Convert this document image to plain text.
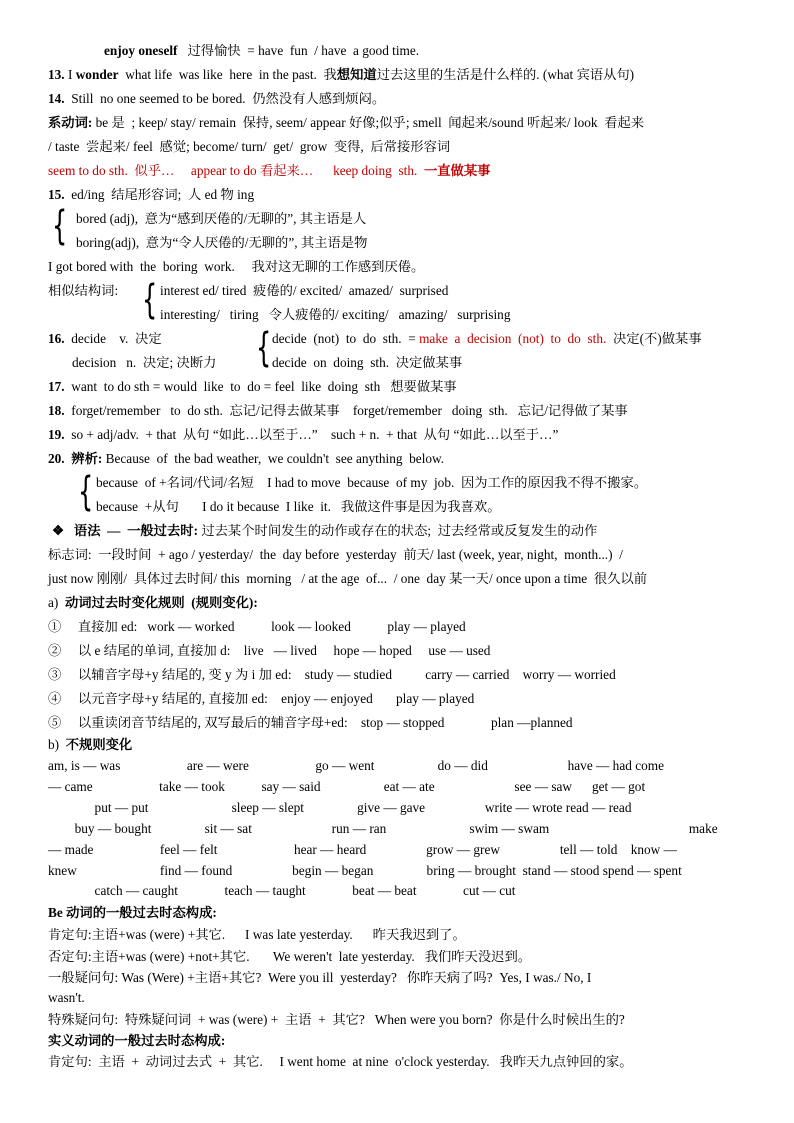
enjoy oneself   过得愉快  = have  fun  / have  a good time.
13. I wonder  what life  was like  here  in the past.  我想知道过去这里的生活是什么样的. (what 宾语从句)
14.  Still  no one seemed to be bored.  仍然没有人感到烦闷。
系动词: be 是  ; keep/ stay/ remain  保持, seem/ appear 好像;似乎; smell  闻起来/sound 听起来/ look  看起来
/ taste  尝起来/ feel  感觉; become/ turn/  get/  grow  变得,  后常接形容词
seem to do sth.  似乎…     appear to do 看起来…      keep doing  sth.  一直做某事
15.  ed/ing  结尾形容词;  人 ed 物 ing
{ bored (adj),  意为“感到厌倦的/无聊的”, 其主语是人
boring(adj),  意为“令人厌倦的/无聊的”, 其主语是物
I got bored with  the  boring  work.     我对这无聊的工作感到厌倦。
相似结构词: { interest ed/ tired  疲倦的/ excited/  amazed/  surprised
interesting/   tiring   令人疲倦的/ exciting/   amazing/   surprising
16.  decide    v.  决定 { decide  (not)  to  do  sth.  = make  a  decision  (not)  to  do  sth.  决定(不)做某事
decision   n.  决定; 决断力	decide  on  doing  sth.  决定做某事
17.  want  to do sth = would  like  to  do = feel  like  doing  sth   想要做某事
18.  forget/remember   to  do sth.  忘记/记得去做某事    forget/remember   doing  sth.   忘记/记得做了某事
19.  so + adj/adv.  + that  从句 “如此…以至于…”    such + n.  + that  从句 “如此…以至于…”
20. 辨析: Because  of  the bad weather,  we couldn't  see anything  below.
{ because  of +名词/代词/名短    I had to move  because  of my  job.  因为工作的原因我不得不搬家。
because  +从句       I do it because  I like  it.   我做这件事是因为我喜欢。
❖ 语法  —  一般过去时: 过去某个时间发生的动作或存在的状态;  过去经常或反复发生的动作
标志词:  一段时间  + ago / yesterday/  the  day before  yesterday  前天/ last (week, year, night,  month...)  /
just now 刚刚/  具体过去时间/ this  morning   / at the age  of...  / one  day 某一天/ once upon a time  很久以前
a)  动词过去时变化规则  (规则变化):
①     直接加 ed:   work — worked           look — looked           play — played
②     以 e 结尾的单词, 直接加 d:    live   — lived     hope — hoped     use — used
③     以辅音字母+y 结尾的, 变 y 为 i 加 ed:    study — studied          carry — carried    worry — worried
④     以元音字母+y 结尾的, 直接加 ed:    enjoy — enjoyed       play — played
⑤     以重读闭音节结尾的, 双写最后的辅音字母+ed:    stop — stopped              plan —planned
b)  不规则变化
am, is — was                    are — were                    go — went                   do — did                        have — had come
— came                    take — took           say — said                   eat — ate                        see — saw      get — got
put — put                         sleep — slept                give — gave                  write — wrote read — read
buy — bought                sit — sat                        run — ran                         swim — swam                                          make
— made                    feel — felt                       hear — heard                  grow — grew                  tell — told    know —
knew                         find — found                  begin — began                bring — brought  stand — stood spend — spent
catch — caught              teach — taught              beat — beat              cut — cut
Be 动词的一般过去时态构成:
肯定句:主语+was (were) +其它.      I was late yesterday.      昨天我迟到了。
否定句:主语+was (were) +not+其它.       We weren't  late yesterday.   我们昨天没迟到。
一般疑问句: Was (Were) +主语+其它?  Were you ill  yesterday?   你昨天病了吗?  Yes, I was./ No, I
wasn't.
特殊疑问句:  特殊疑问词  + was (were) +  主语  +  其它?   When were you born?  你是什么时候出生的?
实义动词的一般过去时态构成:
肯定句:  主语  +  动词过去式  +  其它.     I went home  at nine  o'clock yesterday.   我昨天九点钟回的家。
